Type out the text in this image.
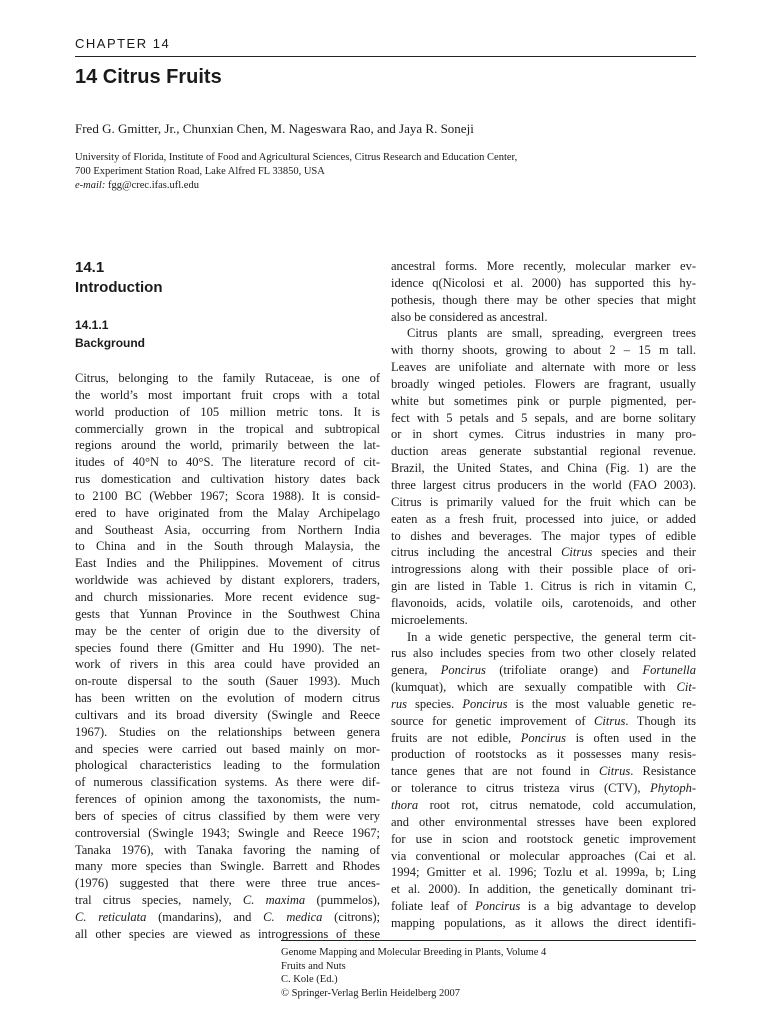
CHAPTER 14
14 Citrus Fruits

Fred G. Gmitter, Jr., Chunxian Chen, M. Nageswara Rao, and Jaya R. Soneji

University of Florida, Institute of Food and Agricultural Sciences, Citrus Research and Education Center,
700 Experiment Station Road, Lake Alfred FL 33850, USA
e-mail: fgg@crec.ifas.ufl.edu

14.1
Introduction
14.1.1
Background
Citrus, belonging to the family Rutaceae, is one of
the world’s most important fruit crops with a total
world production of 105 million metric tons. It is
commercially grown in the tropical and subtropical
regions around the world, primarily between the lat-
itudes of 40°N to 40°S. The literature record of cit-
rus domestication and cultivation history dates back
to 2100 BC (Webber 1967; Scora 1988). It is consid-
ered to have originated from the Malay Archipelago
and Southeast Asia, occurring from Northern India
to China and in the South through Malaysia, the
East Indies and the Philippines. Movement of citrus
worldwide was achieved by distant explorers, traders,
and church missionaries. More recent evidence sug-
gests that Yunnan Province in the Southwest China
may be the center of origin due to the diversity of
species found there (Gmitter and Hu 1990). The net-
work of rivers in this area could have provided an
on-route dispersal to the south (Sauer 1993). Much
has been written on the evolution of modern citrus
cultivars and its broad diversity (Swingle and Reece
1967). Studies on the relationships between genera
and species were carried out based mainly on mor-
phological characteristics leading to the formulation
of numerous classification systems. As there were dif-
ferences of opinion among the taxonomists, the num-
bers of species of citrus classified by them were very
controversial (Swingle 1943; Swingle and Reece 1967;
Tanaka 1976), with Tanaka favoring the naming of
many more species than Swingle. Barrett and Rhodes
(1976) suggested that there were three true ances-
tral citrus species, namely, C. maxima (pummelos),
C. reticulata (mandarins), and C. medica (citrons);
all other species are viewed as introgressions of these
ancestral forms. More recently, molecular marker ev-
idence q(Nicolosi et al. 2000) has supported this hy-
pothesis, though there may be other species that might
also be considered as ancestral.
Citrus plants are small, spreading, evergreen trees
with thorny shoots, growing to about 2 – 15 m tall.
Leaves are unifoliate and alternate with more or less
broadly winged petioles. Flowers are fragrant, usually
white but sometimes pink or purple pigmented, per-
fect with 5 petals and 5 sepals, and are borne solitary
or in short cymes. Citrus industries in many pro-
duction areas generate substantial regional revenue.
Brazil, the United States, and China (Fig. 1) are the
three largest citrus producers in the world (FAO 2003).
Citrus is primarily valued for the fruit which can be
eaten as a fresh fruit, processed into juice, or added
to dishes and beverages. The major types of edible
citrus including the ancestral Citrus species and their
introgressions along with their possible place of ori-
gin are listed in Table 1. Citrus is rich in vitamin C,
flavonoids, acids, volatile oils, carotenoids, and other
microelements.
In a wide genetic perspective, the general term cit-
rus also includes species from two other closely related
genera, Poncirus (trifoliate orange) and Fortunella
(kumquat), which are sexually compatible with Cit-
rus species. Poncirus is the most valuable genetic re-
source for genetic improvement of Citrus. Though its
fruits are not edible, Poncirus is often used in the
production of rootstocks as it possesses many resis-
tance genes that are not found in Citrus. Resistance
or tolerance to citrus tristeza virus (CTV), Phytoph-
thora root rot, citrus nematode, cold accumulation,
and other environmental stresses have been explored
for use in scion and rootstock genetic improvement
via conventional or molecular approaches (Cai et al.
1994; Gmitter et al. 1996; Tozlu et al. 1999a, b; Ling
et al. 2000). In addition, the genetically dominant tri-
foliate leaf of Poncirus is a big advantage to develop
mapping populations, as it allows the direct identifi-
Genome Mapping and Molecular Breeding in Plants, Volume 4
Fruits and Nuts
C. Kole (Ed.)
© Springer-Verlag Berlin Heidelberg 2007
